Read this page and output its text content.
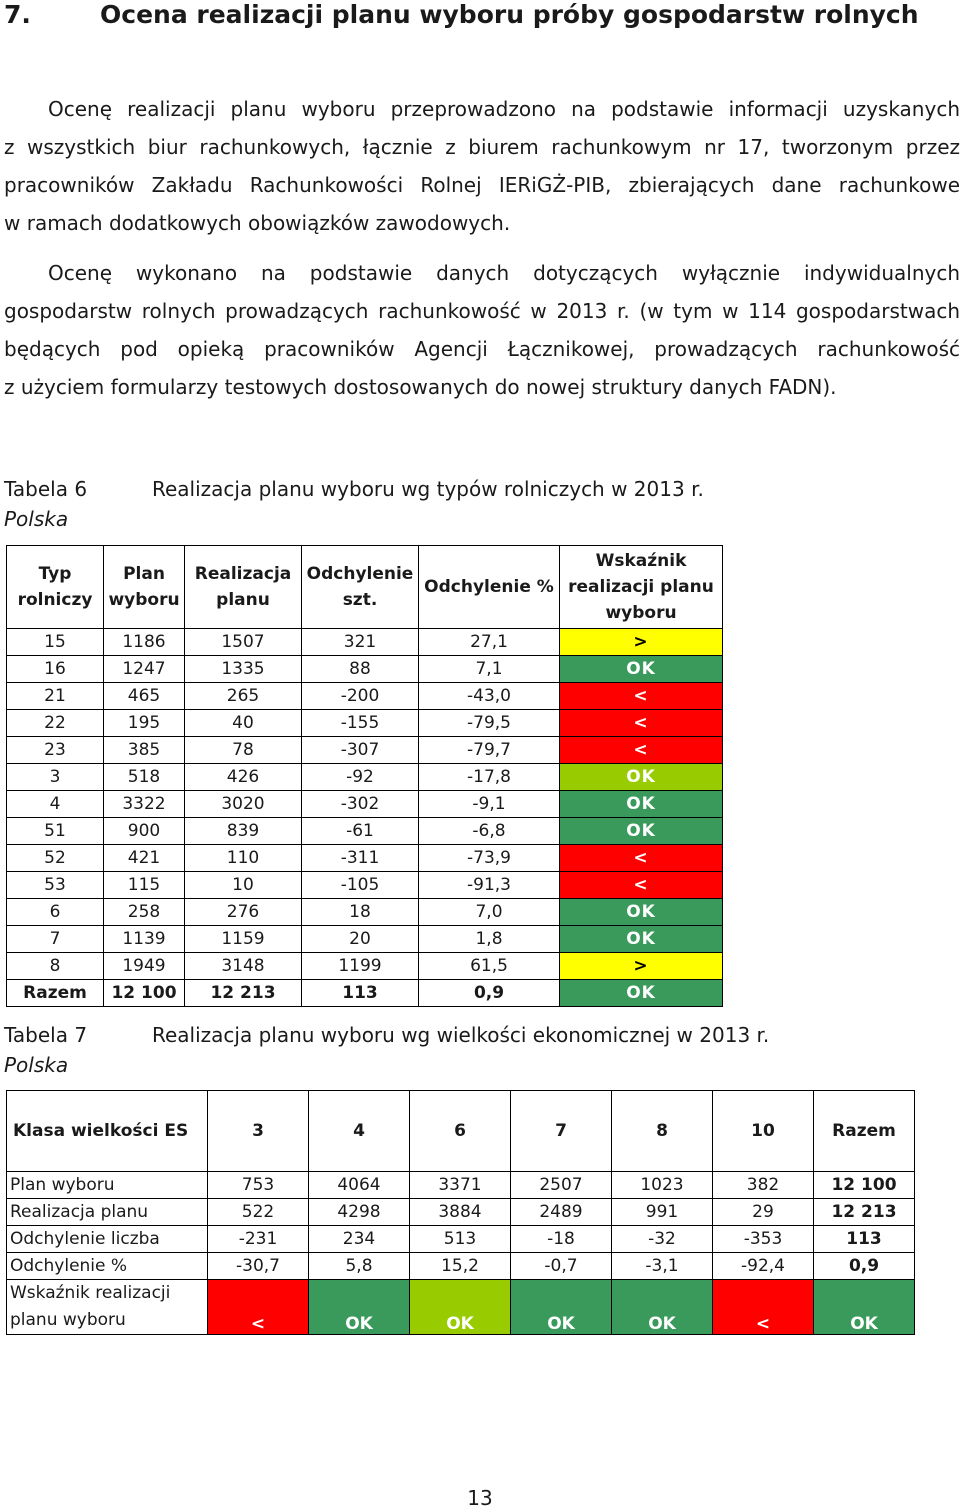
7.	Ocena realizacji planu wyboru próby gospodarstw rolnych
Ocenę realizacji planu wyboru przeprowadzono na podstawie informacji uzyskanych
z wszystkich biur rachunkowych, łącznie z biurem rachunkowym nr 17, tworzonym przez
pracowników Zakładu Rachunkowości Rolnej IERiGŻ-PIB, zbierających dane rachunkowe
w ramach dodatkowych obowiązków zawodowych.
Ocenę wykonano na podstawie danych dotyczących wyłącznie indywidualnych
gospodarstw rolnych prowadzących rachunkowość w 2013 r. (w tym w 114 gospodarstwach
będących pod opieką pracowników Agencji Łącznikowej, prowadzących rachunkowość
z użyciem formularzy testowych dostosowanych do nowej struktury danych FADN).
Tabela 6	Realizacja planu wyboru wg typów rolniczych w 2013 r.
Polska
Typ rolniczy	Plan wyboru	Realizacja planu	Odchylenie szt.	Odchylenie %	Wskaźnik realizacji planu wyboru
15	1186	1507	321	27,1	>
16	1247	1335	88	7,1	OK
21	465	265	-200	-43,0	<
22	195	40	-155	-79,5	<
23	385	78	-307	-79,7	<
3	518	426	-92	-17,8	OK
4	3322	3020	-302	-9,1	OK
51	900	839	-61	-6,8	OK
52	421	110	-311	-73,9	<
53	115	10	-105	-91,3	<
6	258	276	18	7,0	OK
7	1139	1159	20	1,8	OK
8	1949	3148	1199	61,5	>
Razem	12 100	12 213	113	0,9	OK
Tabela 7	Realizacja planu wyboru wg wielkości ekonomicznej w 2013 r.
Polska
Klasa wielkości ES	3	4	6	7	8	10	Razem
Plan wyboru	753	4064	3371	2507	1023	382	12 100
Realizacja planu	522	4298	3884	2489	991	29	12 213
Odchylenie liczba	-231	234	513	-18	-32	-353	113
Odchylenie %	-30,7	5,8	15,2	-0,7	-3,1	-92,4	0,9

Wskaźnik realizacji
planu wyboru	<	OK	OK	OK	OK	<	OK
13
